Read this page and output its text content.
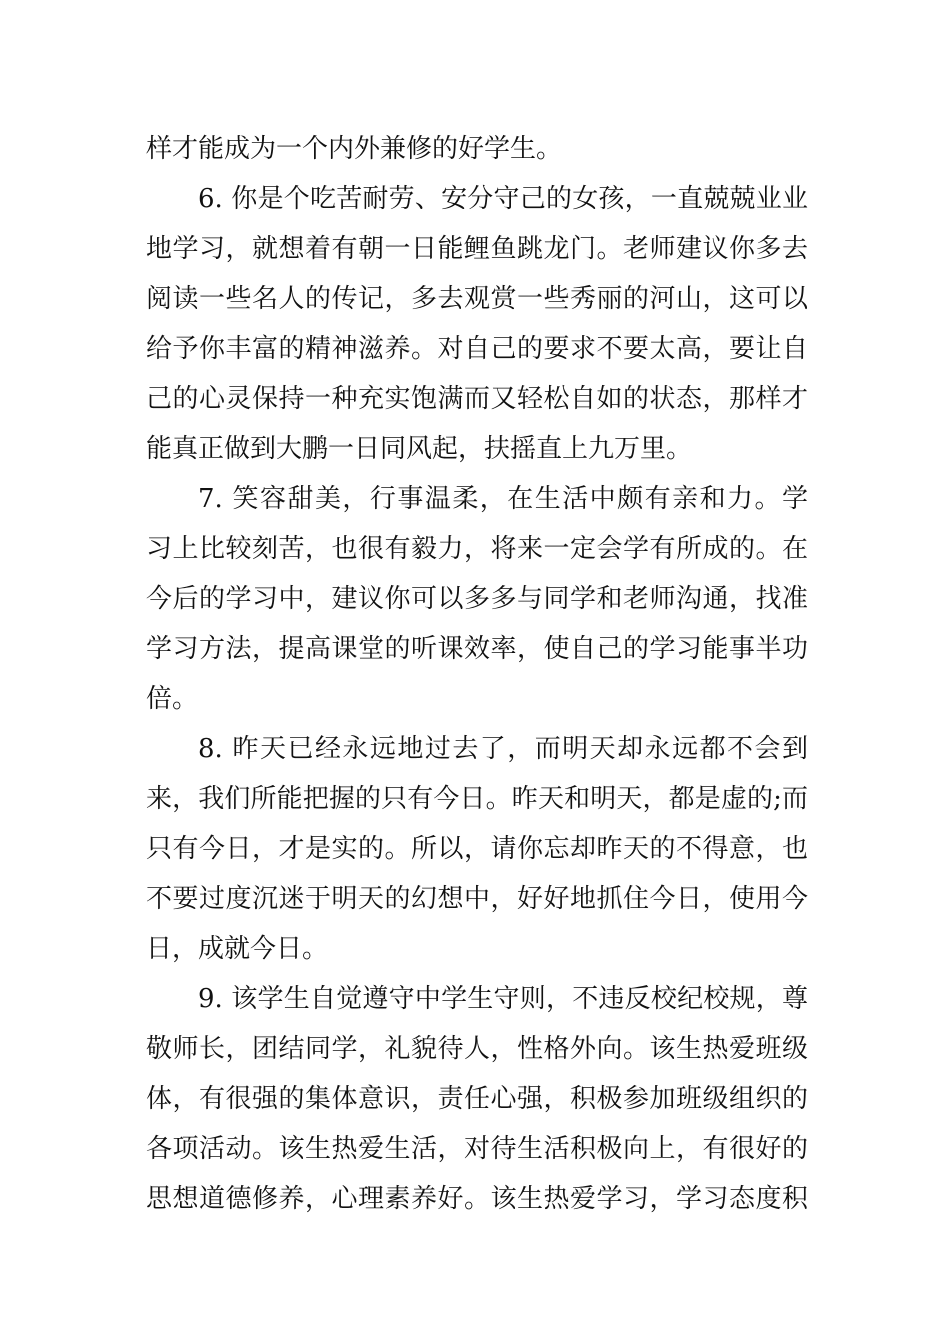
样才能成为一个内外兼修的好学生。
6. 你是个吃苦耐劳、安分守己的女孩，一直兢兢业业
地学习，就想着有朝一日能鲤鱼跳龙门。老师建议你多去
阅读一些名人的传记，多去观赏一些秀丽的河山，这可以
给予你丰富的精神滋养。对自己的要求不要太高，要让自
己的心灵保持一种充实饱满而又轻松自如的状态，那样才
能真正做到大鹏一日同风起，扶摇直上九万里。
7. 笑容甜美，行事温柔，在生活中颇有亲和力。学
习上比较刻苦，也很有毅力，将来一定会学有所成的。在
今后的学习中，建议你可以多多与同学和老师沟通，找准
学习方法，提高课堂的听课效率，使自己的学习能事半功
倍。
8. 昨天已经永远地过去了，而明天却永远都不会到
来，我们所能把握的只有今日。昨天和明天，都是虚的;而
只有今日，才是实的。所以，请你忘却昨天的不得意，也
不要过度沉迷于明天的幻想中，好好地抓住今日，使用今
日，成就今日。
9. 该学生自觉遵守中学生守则，不违反校纪校规，尊
敬师长，团结同学，礼貌待人，性格外向。该生热爱班级
体，有很强的集体意识，责任心强，积极参加班级组织的
各项活动。该生热爱生活，对待生活积极向上，有很好的
思想道德修养，心理素养好。该生热爱学习，学习态度积
